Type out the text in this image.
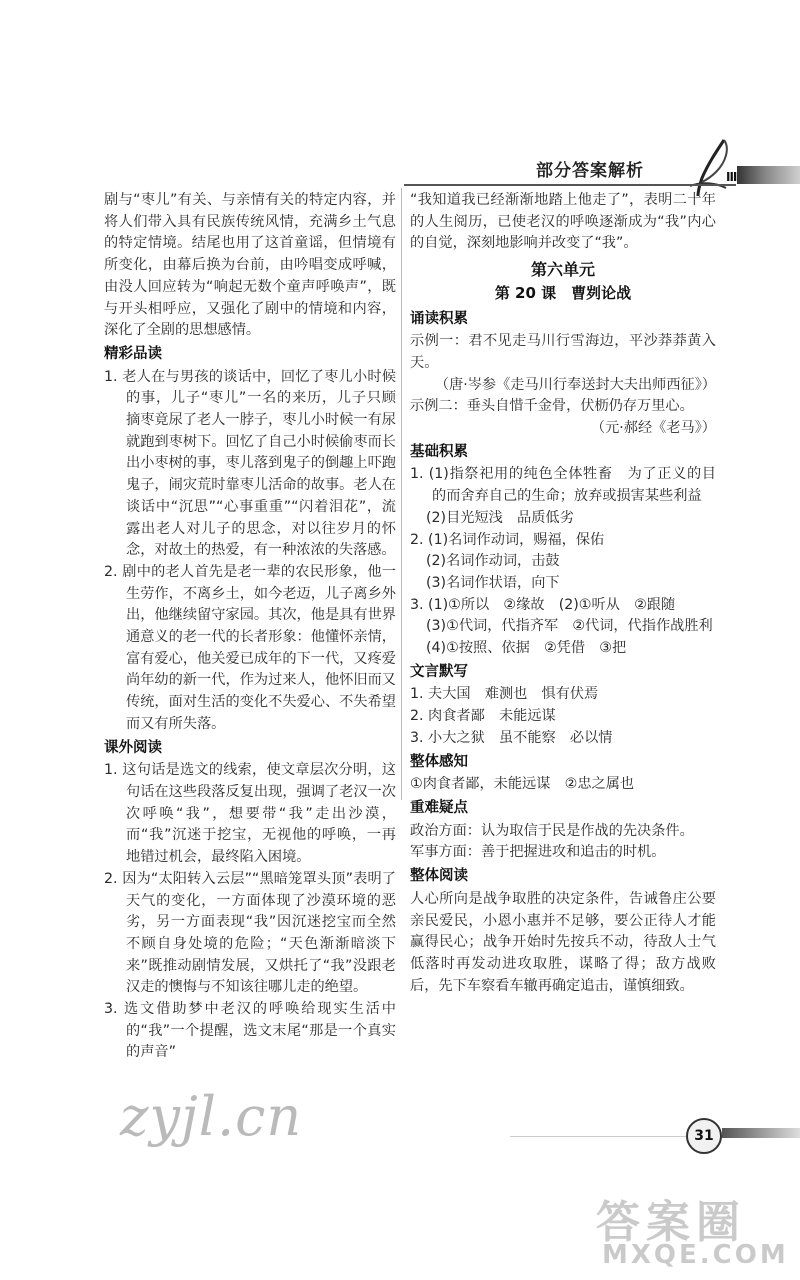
部分答案解析	III

剧与“枣儿”有关、与亲情有关的特定内容，并将人们带入具有民族传统风情，充满乡土气息的特定情境。结尾也用了这首童谣，但情境有所变化，由幕后换为台前，由吟唱变成呼喊，由没人回应转为“响起无数个童声呼唤声”，既与开头相呼应，又强化了剧中的情境和内容，深化了全剧的思想感情。

精彩品读

1. 老人在与男孩的谈话中，回忆了枣儿小时候的事，儿子“枣儿”一名的来历，儿子只顾摘枣竟尿了老人一脖子，枣儿小时候一有尿就跑到枣树下。回忆了自己小时候偷枣而长出小枣树的事，枣儿落到鬼子的倒趣上吓跑鬼子，闹灾荒时靠枣儿活命的故事。老人在谈话中“沉思”“心事重重”“闪着泪花”，流露出老人对儿子的思念，对以往岁月的怀念，对故土的热爱，有一种浓浓的失落感。

2. 剧中的老人首先是老一辈的农民形象，他一生劳作，不离乡土，如今老迈，儿子离乡外出，他继续留守家园。其次，他是具有世界通意义的老一代的长者形象：他懂怀亲情，富有爱心，他关爱已成年的下一代，又疼爱尚年幼的新一代，作为过来人，他怀旧而又传统，面对生活的变化不失爱心、不失希望而又有所失落。

课外阅读

1. 这句话是选文的线索，使文章层次分明，这句话在这些段落反复出现，强调了老汉一次次呼唤“我”，想要带“我”走出沙漠，而“我”沉迷于挖宝，无视他的呼唤，一再地错过机会，最终陷入困境。

2. 因为“太阳转入云层”“黑暗笼罩头顶”表明了天气的变化，一方面体现了沙漠环境的恶劣，另一方面表现“我”因沉迷挖宝而全然不顾自身处境的危险；“天色渐渐暗淡下来”既推动剧情发展，又烘托了“我”没跟老汉走的懊悔与不知该往哪儿走的绝望。

3. 选文借助梦中老汉的呼唤给现实生活中的“我”一个提醒，选文末尾“那是一个真实的声音”

“我知道我已经渐渐地踏上他走了”，表明二十年的人生阅历，已使老汉的呼唤逐渐成为“我”内心的自觉，深刻地影响并改变了“我”。

第六单元
第 20 课　曹刿论战
诵读积累

示例一：君不见走马川行雪海边，平沙莽莽黄入天。

（唐·岑参《走马川行奉送封大夫出师西征》）

示例二：垂头自惜千金骨，伏枥仍存万里心。

（元·郝经《老马》）

基础积累

1. (1)指祭祀用的纯色全体牲畜　为了正义的目的而舍弃自己的生命；放弃或损害某些利益

(2)目光短浅　品质低劣

2. (1)名词作动词，赐福，保佑

(2)名词作动词，击鼓

(3)名词作状语，向下

3. (1)①所以　②缘故　(2)①听从　②跟随

(3)①代词，代指齐军　②代词，代指作战胜利

(4)①按照、依据　②凭借　③把

文言默写

1. 夫大国　难测也　惧有伏焉

2. 肉食者鄙　未能远谋

3. 小大之狱　虽不能察　必以情

整体感知

①肉食者鄙，未能远谋　②忠之属也

重难疑点

政治方面：认为取信于民是作战的先决条件。

军事方面：善于把握进攻和追击的时机。

整体阅读

人心所向是战争取胜的决定条件，告诫鲁庄公要亲民爱民，小恩小惠并不足够，要公正待人才能赢得民心；战争开始时先按兵不动，待敌人士气低落时再发动进攻取胜，谋略了得；敌方战败后，先下车察看车辙再确定追击，谨慎细致。

31
zyjl.cn
答案圈
MXQE.COM
